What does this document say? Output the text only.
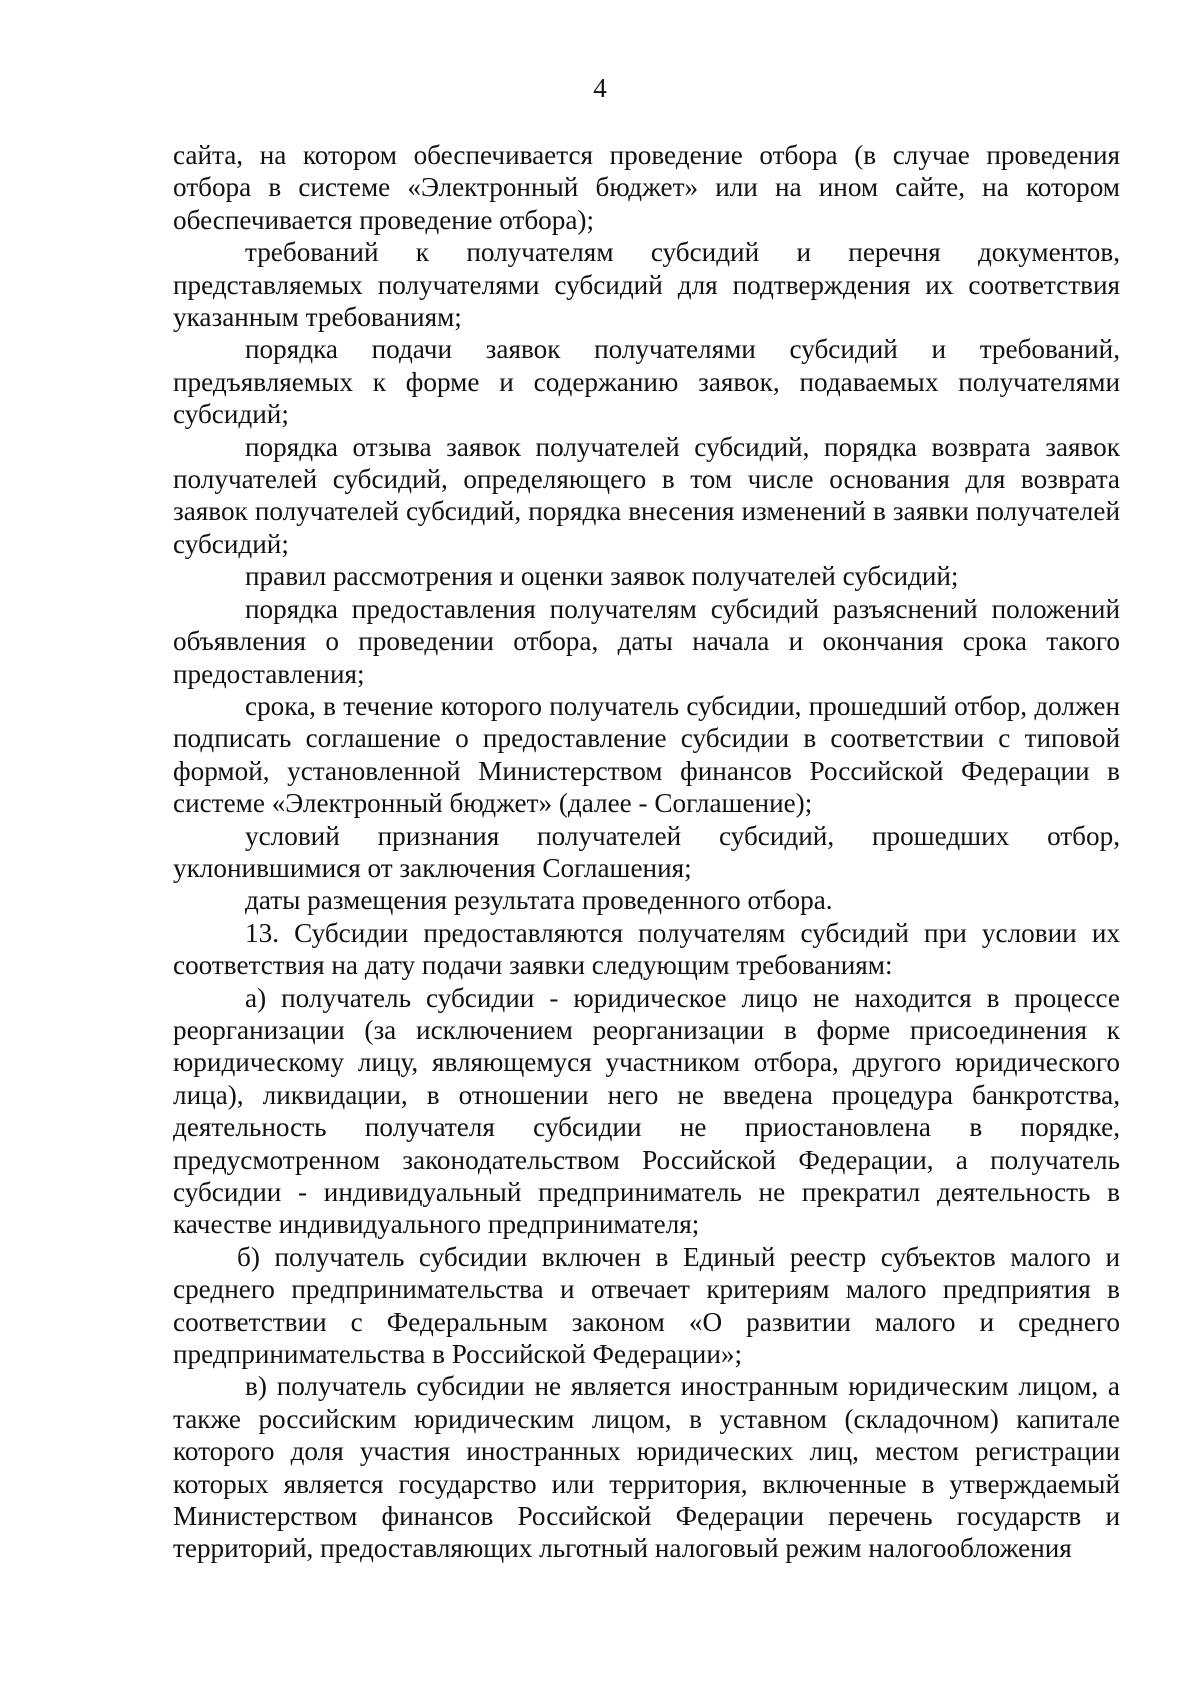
4

сайта, на котором обеспечивается проведение отбора (в случае проведения отбора в системе «Электронный бюджет» или на ином сайте, на котором обеспечивается проведение отбора);

требований к получателям субсидий и перечня документов, представляемых получателями субсидий для подтверждения их соответствия указанным требованиям;

порядка подачи заявок получателями субсидий и требований, предъявляемых к форме и содержанию заявок, подаваемых получателями субсидий;

порядка отзыва заявок получателей субсидий, порядка возврата заявок получателей субсидий, определяющего в том числе основания для возврата заявок получателей субсидий, порядка внесения изменений в заявки получателей субсидий;

правил рассмотрения и оценки заявок получателей субсидий;

порядка предоставления получателям субсидий разъяснений положений объявления о проведении отбора, даты начала и окончания срока такого предоставления;

срока, в течение которого получатель субсидии, прошедший отбор, должен подписать соглашение о предоставление субсидии в соответствии с типовой формой, установленной Министерством финансов Российской Федерации в системе «Электронный бюджет» (далее - Соглашение);

условий признания получателей субсидий, прошедших отбор, уклонившимися от заключения Соглашения;

даты размещения результата проведенного отбора.

13. Субсидии предоставляются получателям субсидий при условии их соответствия на дату подачи заявки следующим требованиям:

а) получатель субсидии - юридическое лицо не находится в процессе реорганизации (за исключением реорганизации в форме присоединения к юридическому лицу, являющемуся участником отбора, другого юридического лица), ликвидации, в отношении него не введена процедура банкротства, деятельность получателя субсидии не приостановлена в порядке, предусмотренном законодательством Российской Федерации, а получатель субсидии - индивидуальный предприниматель не прекратил деятельность в качестве индивидуального предпринимателя;

б) получатель субсидии включен в Единый реестр субъектов малого и среднего предпринимательства и отвечает критериям малого предприятия в соответствии с Федеральным законом «О развитии малого и среднего предпринимательства в Российской Федерации»;

в) получатель субсидии не является иностранным юридическим лицом, а также российским юридическим лицом, в уставном (складочном) капитале которого доля участия иностранных юридических лиц, местом регистрации которых является государство или территория, включенные в утверждаемый Министерством финансов Российской Федерации перечень государств и территорий, предоставляющих льготный налоговый режим налогообложения
